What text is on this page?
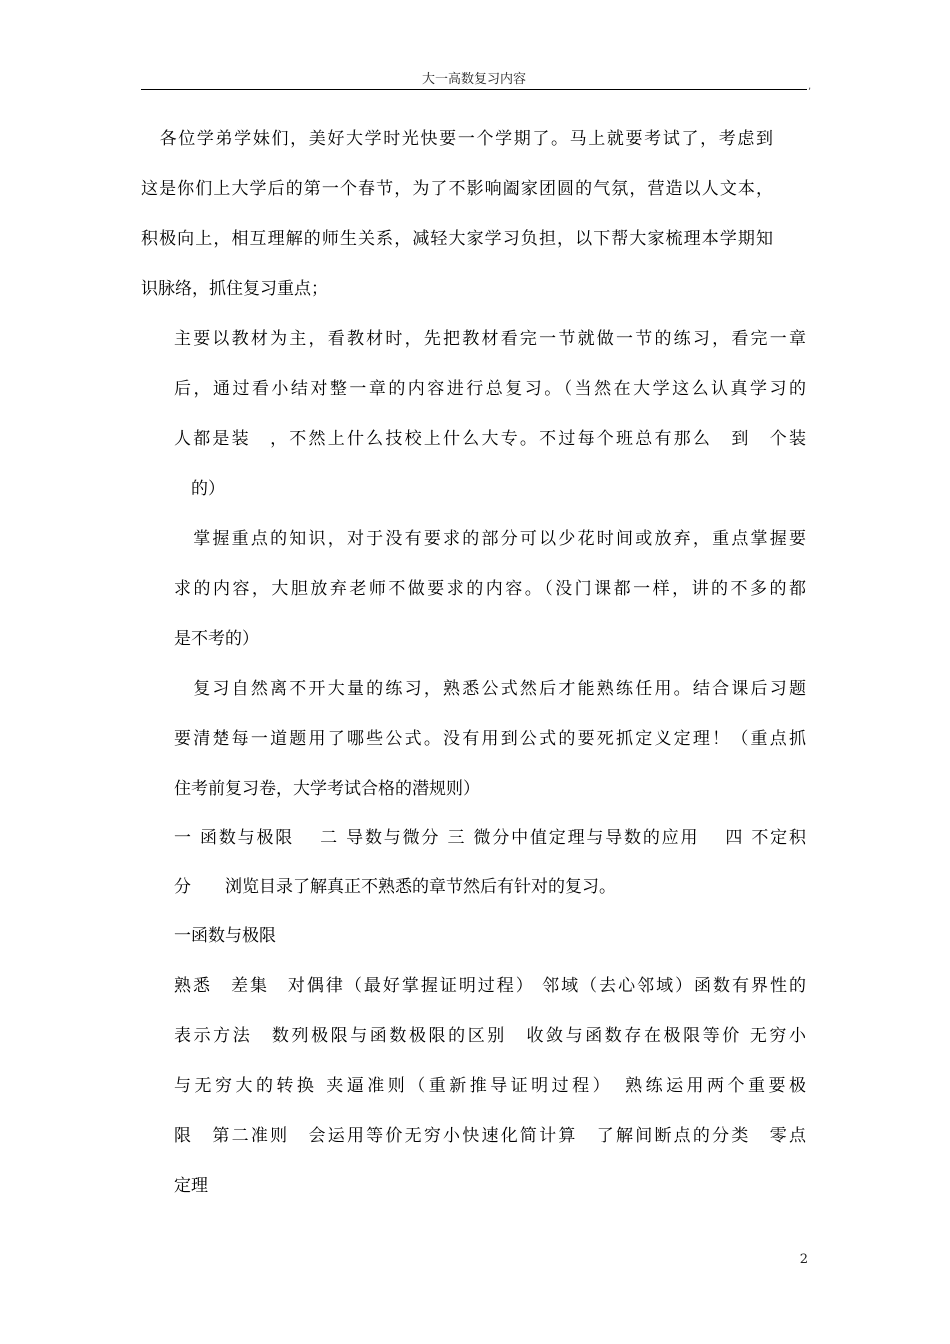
大一高数复习内容	,
　各位学弟学妹们，美好大学时光快要一个学期了。马上就要考试了，考虑到
这是你们上大学后的第一个春节，为了不影响阖家团圆的气氛，营造以人文本，
积极向上，相互理解的师生关系，减轻大家学习负担，以下帮大家梳理本学期知
识脉络，抓住复习重点；
主要以教材为主，看教材时，先把教材看完一节就做一节的练习，看完一章
后，通过看小结对整一章的内容进行总复习。（当然在大学这么认真学习的
人都是装　，不然上什么技校上什么大专。不过每个班总有那么　到　个装
　的）
　掌握重点的知识，对于没有要求的部分可以少花时间或放弃，重点掌握要
求的内容，大胆放弃老师不做要求的内容。（没门课都一样，讲的不多的都
是不考的）
　复习自然离不开大量的练习，熟悉公式然后才能熟练任用。结合课后习题
要清楚每一道题用了哪些公式。没有用到公式的要死抓定义定理！（重点抓
住考前复习卷，大学考试合格的潜规则）
一 函数与极限　 二 导数与微分 三 微分中值定理与导数的应用　 四 不定积
分　　浏览目录了解真正不熟悉的章节然后有针对的复习。
一函数与极限
熟悉　差集　对偶律（最好掌握证明过程） 邻域（去心邻域）函数有界性的
表示方法　数列极限与函数极限的区别　收敛与函数存在极限等价 无穷小
与无穷大的转换 夹逼准则（重新推导证明过程）　熟练运用两个重要极
限　第二准则　会运用等价无穷小快速化简计算　了解间断点的分类　零点
定理
2
